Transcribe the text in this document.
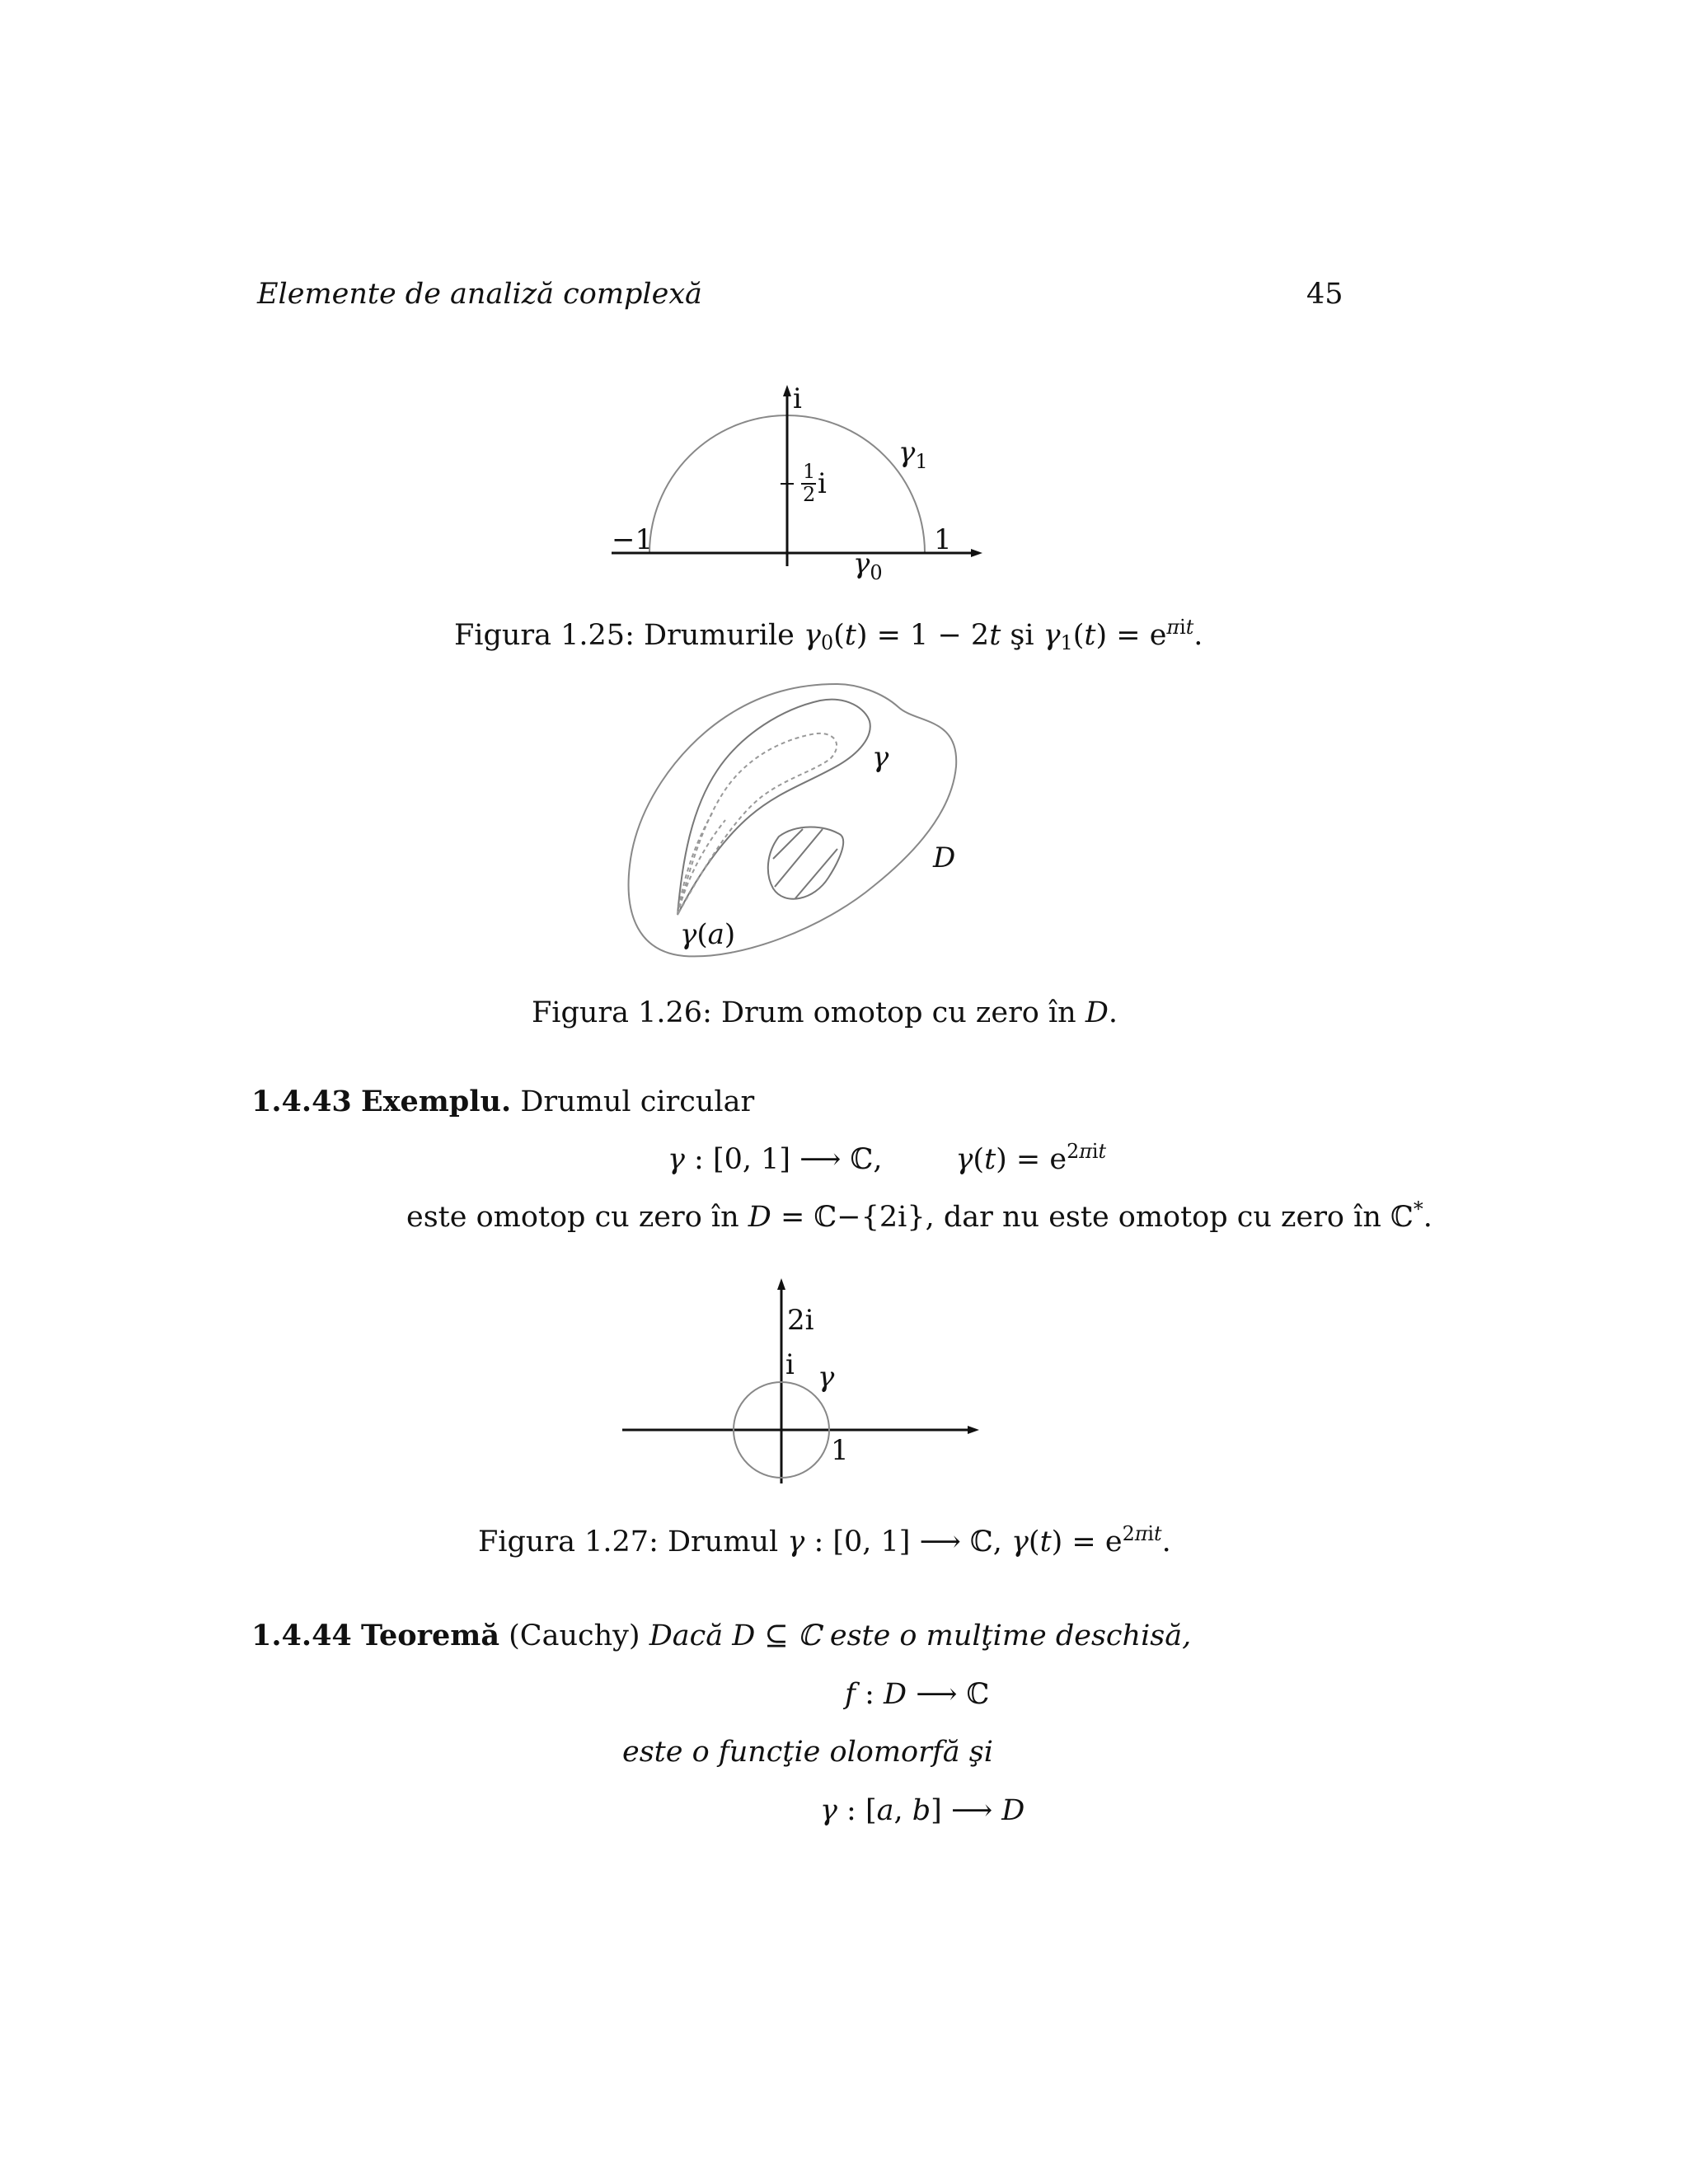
Elemente de analiză complexă	45
i
1
2 i
−1	1
$\gamma_1$
$\gamma_0$
Figura 1.25: Drumurile $\gamma_0(t) = 1 - 2t$ şi $\gamma_1(t) = e^{\pi it}$.
γ
D
γ(a)
Figura 1.26: Drum omotop cu zero în D.
1.4.43 Exemplu. Drumul circular
γ : [0, 1] ⟶ ℂ,        $\gamma(t) = e^{2\pi it}$
este omotop cu zero în D = ℂ−{2i}, dar nu este omotop cu zero în ℂ*.
2i
i γ
1
Figura 1.27: Drumul γ : [0, 1] ⟶ ℂ, $\gamma(t) = e^{2\pi it}$.
1.4.44 Teoremă (Cauchy) Dacă D ⊆ ℂ este o mulţime deschisă,
f : D ⟶ ℂ
este o funcţie olomorfă şi
γ : [a, b] ⟶ D
